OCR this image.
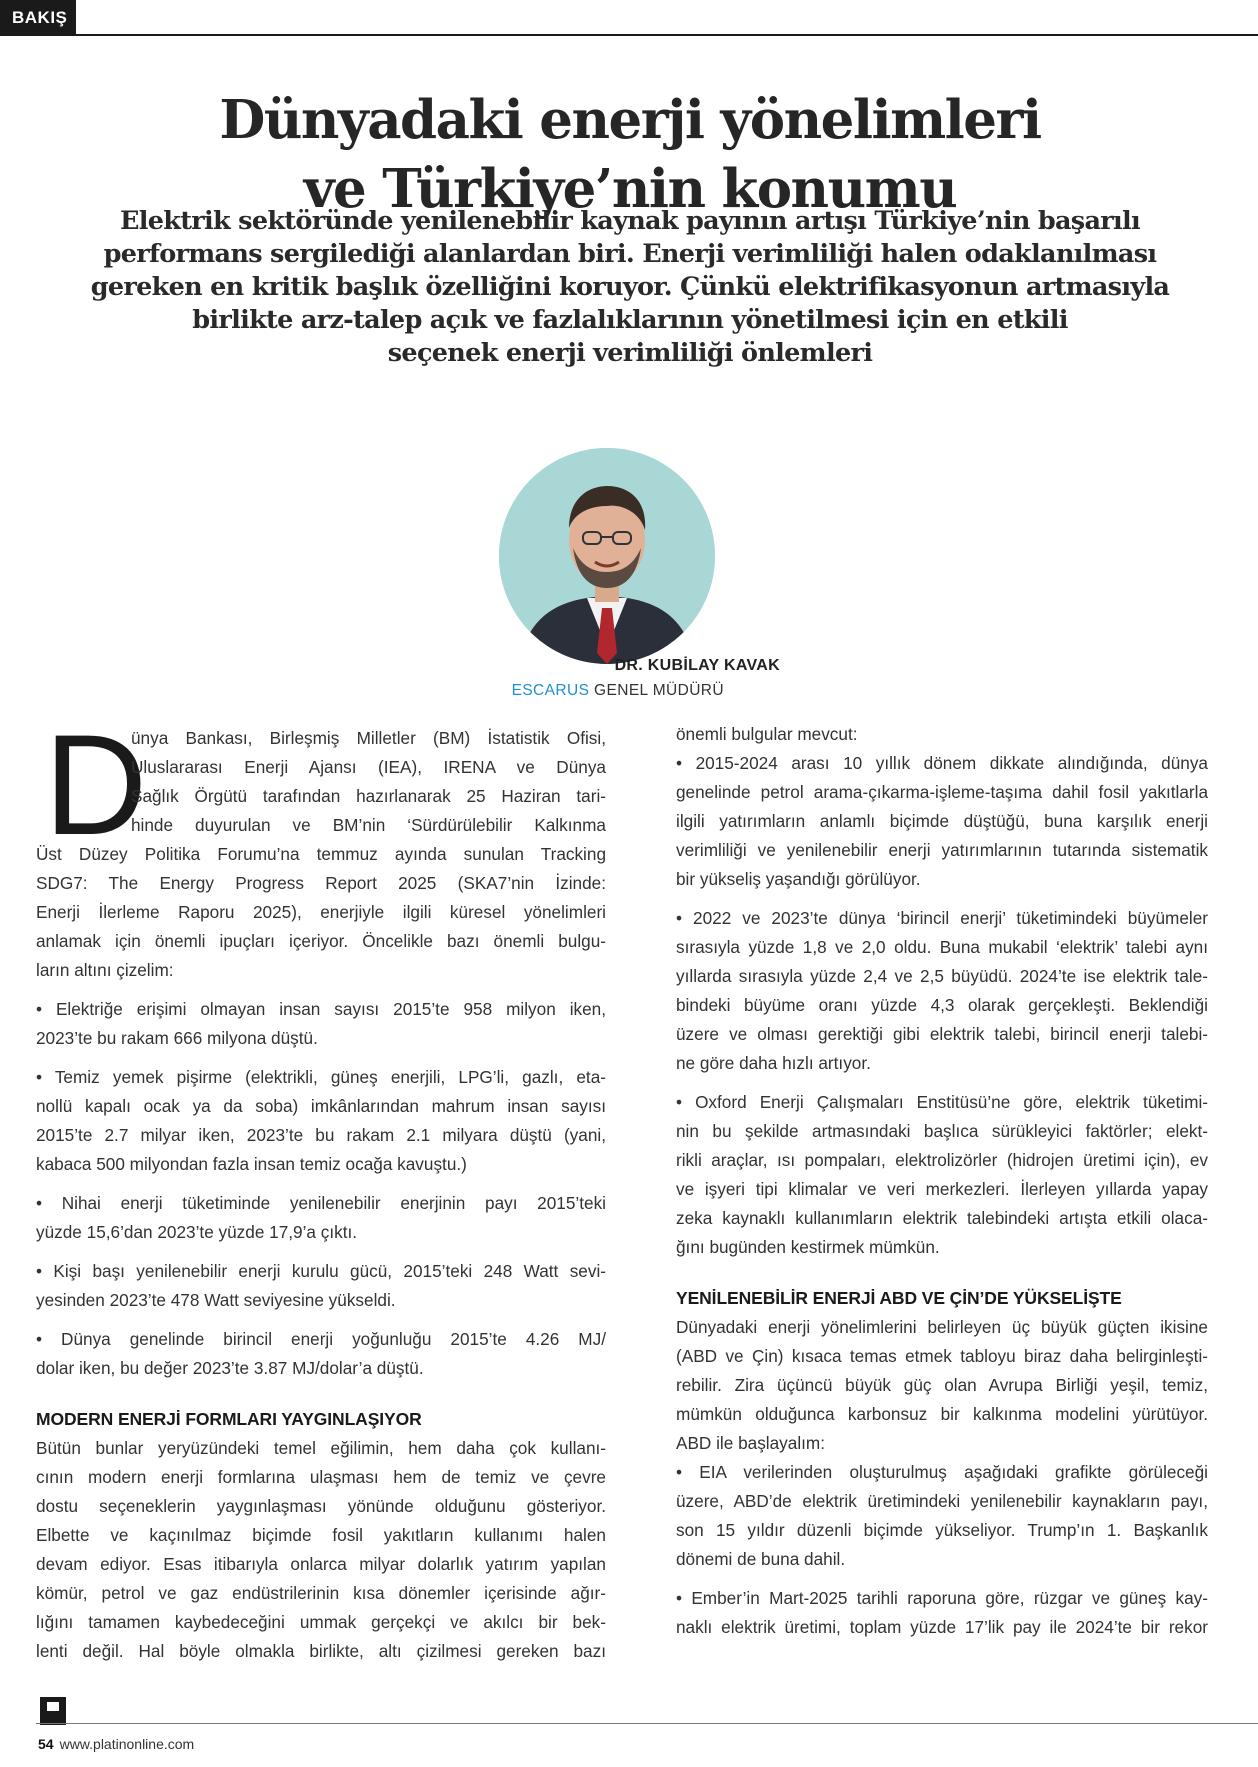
BAKIŞ
Dünyadaki enerji yönelimleri
ve Türkiye’nin konumu

Elektrik sektöründe yenilenebilir kaynak payının artışı Türkiye’nin başarılı

performans sergilediği alanlardan biri. Enerji verimliliği halen odaklanılması

gereken en kritik başlık özelliğini koruyor. Çünkü elektrifikasyonun artmasıyla

birlikte arz-talep açık ve fazlalıklarının yönetilmesi için en etkili

seçenek enerji verimliliği önlemleri

DR. KUBİLAY KAVAK
ESCARUS GENEL MÜDÜRÜ
D
ünya Bankası, Birleşmiş Milletler (BM) İstatistik Ofisi,
Uluslararası Enerji Ajansı (IEA), IRENA ve Dünya
Sağlık Örgütü tarafından hazırlanarak 25 Haziran tari-
hinde duyurulan ve BM’nin ‘Sürdürülebilir Kalkınma
Üst Düzey Politika Forumu’na temmuz ayında sunulan Tracking
SDG7: The Energy Progress Report 2025 (SKA7’nin İzinde:
Enerji İlerleme Raporu 2025), enerjiyle ilgili küresel yönelimleri
anlamak için önemli ipuçları içeriyor. Öncelikle bazı önemli bulgu-
ların altını çizelim:
• Elektriğe erişimi olmayan insan sayısı 2015’te 958 milyon iken,
2023’te bu rakam 666 milyona düştü.
• Temiz yemek pişirme (elektrikli, güneş enerjili, LPG’li, gazlı, eta-
nollü kapalı ocak ya da soba) imkânlarından mahrum insan sayısı
2015’te 2.7 milyar iken, 2023’te bu rakam 2.1 milyara düştü (yani,
kabaca 500 milyondan fazla insan temiz ocağa kavuştu.)
• Nihai enerji tüketiminde yenilenebilir enerjinin payı 2015’teki
yüzde 15,6’dan 2023’te yüzde 17,9’a çıktı.
• Kişi başı yenilenebilir enerji kurulu gücü, 2015’teki 248 Watt sevi-
yesinden 2023’te 478 Watt seviyesine yükseldi.
• Dünya genelinde birincil enerji yoğunluğu 2015’te 4.26 MJ/
dolar iken, bu değer 2023’te 3.87 MJ/dolar’a düştü.
MODERN ENERJİ FORMLARI YAYGINLAŞIYOR
Bütün bunlar yeryüzündeki temel eğilimin, hem daha çok kullanı-
cının modern enerji formlarına ulaşması hem de temiz ve çevre
dostu seçeneklerin yaygınlaşması yönünde olduğunu gösteriyor.
Elbette ve kaçınılmaz biçimde fosil yakıtların kullanımı halen
devam ediyor. Esas itibarıyla onlarca milyar dolarlık yatırım yapılan
kömür, petrol ve gaz endüstrilerinin kısa dönemler içerisinde ağır-
lığını tamamen kaybedeceğini ummak gerçekçi ve akılcı bir bek-
lenti değil. Hal böyle olmakla birlikte, altı çizilmesi gereken bazı
önemli bulgular mevcut:
• 2015-2024 arası 10 yıllık dönem dikkate alındığında, dünya
genelinde petrol arama-çıkarma-işleme-taşıma dahil fosil yakıtlarla
ilgili yatırımların anlamlı biçimde düştüğü, buna karşılık enerji
verimliliği ve yenilenebilir enerji yatırımlarının tutarında sistematik
bir yükseliş yaşandığı görülüyor.
• 2022 ve 2023’te dünya ‘birincil enerji’ tüketimindeki büyümeler
sırasıyla yüzde 1,8 ve 2,0 oldu. Buna mukabil ‘elektrik’ talebi aynı
yıllarda sırasıyla yüzde 2,4 ve 2,5 büyüdü. 2024’te ise elektrik tale-
bindeki büyüme oranı yüzde 4,3 olarak gerçekleşti. Beklendiği
üzere ve olması gerektiği gibi elektrik talebi, birincil enerji talebi-
ne göre daha hızlı artıyor.
• Oxford Enerji Çalışmaları Enstitüsü’ne göre, elektrik tüketimi-
nin bu şekilde artmasındaki başlıca sürükleyici faktörler; elekt-
rikli araçlar, ısı pompaları, elektrolizörler (hidrojen üretimi için), ev
ve işyeri tipi klimalar ve veri merkezleri. İlerleyen yıllarda yapay
zeka kaynaklı kullanımların elektrik talebindeki artışta etkili olaca-
ğını bugünden kestirmek mümkün.
YENİLENEBİLİR ENERJİ ABD VE ÇİN’DE YÜKSELİŞTE
Dünyadaki enerji yönelimlerini belirleyen üç büyük güçten ikisine
(ABD ve Çin) kısaca temas etmek tabloyu biraz daha belirginleşti-
rebilir. Zira üçüncü büyük güç olan Avrupa Birliği yeşil, temiz,
mümkün olduğunca karbonsuz bir kalkınma modelini yürütüyor.
ABD ile başlayalım:
• EIA verilerinden oluşturulmuş aşağıdaki grafikte görüleceği
üzere, ABD’de elektrik üretimindeki yenilenebilir kaynakların payı,
son 15 yıldır düzenli biçimde yükseliyor. Trump’ın 1. Başkanlık
dönemi de buna dahil.
• Ember’in Mart-2025 tarihli raporuna göre, rüzgar ve güneş kay-
naklı elektrik üretimi, toplam yüzde 17’lik pay ile 2024’te bir rekor
54 www.platinonline.com
